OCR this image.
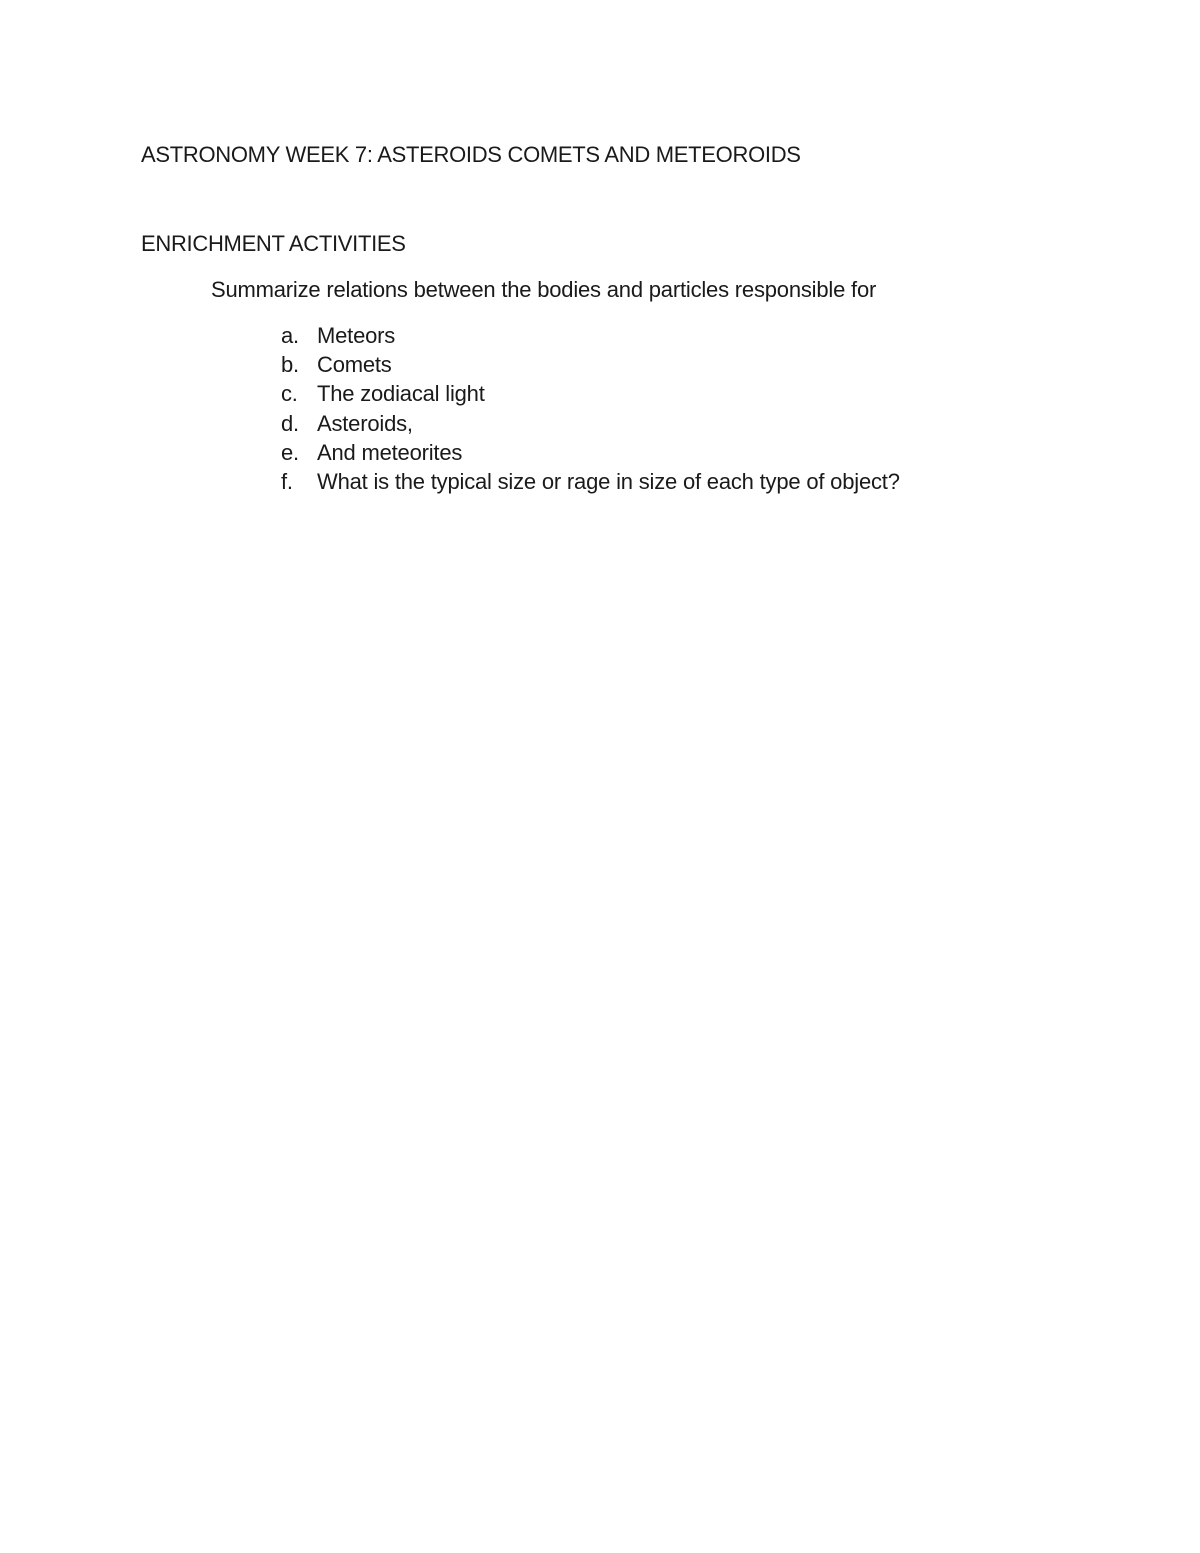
ASTRONOMY WEEK 7: ASTEROIDS COMETS AND METEOROIDS
ENRICHMENT ACTIVITIES
Summarize relations between the bodies and particles responsible for
a. Meteors
b. Comets
c. The zodiacal light
d. Asteroids,
e. And meteorites
f. What is the typical size or rage in size of each type of object?
